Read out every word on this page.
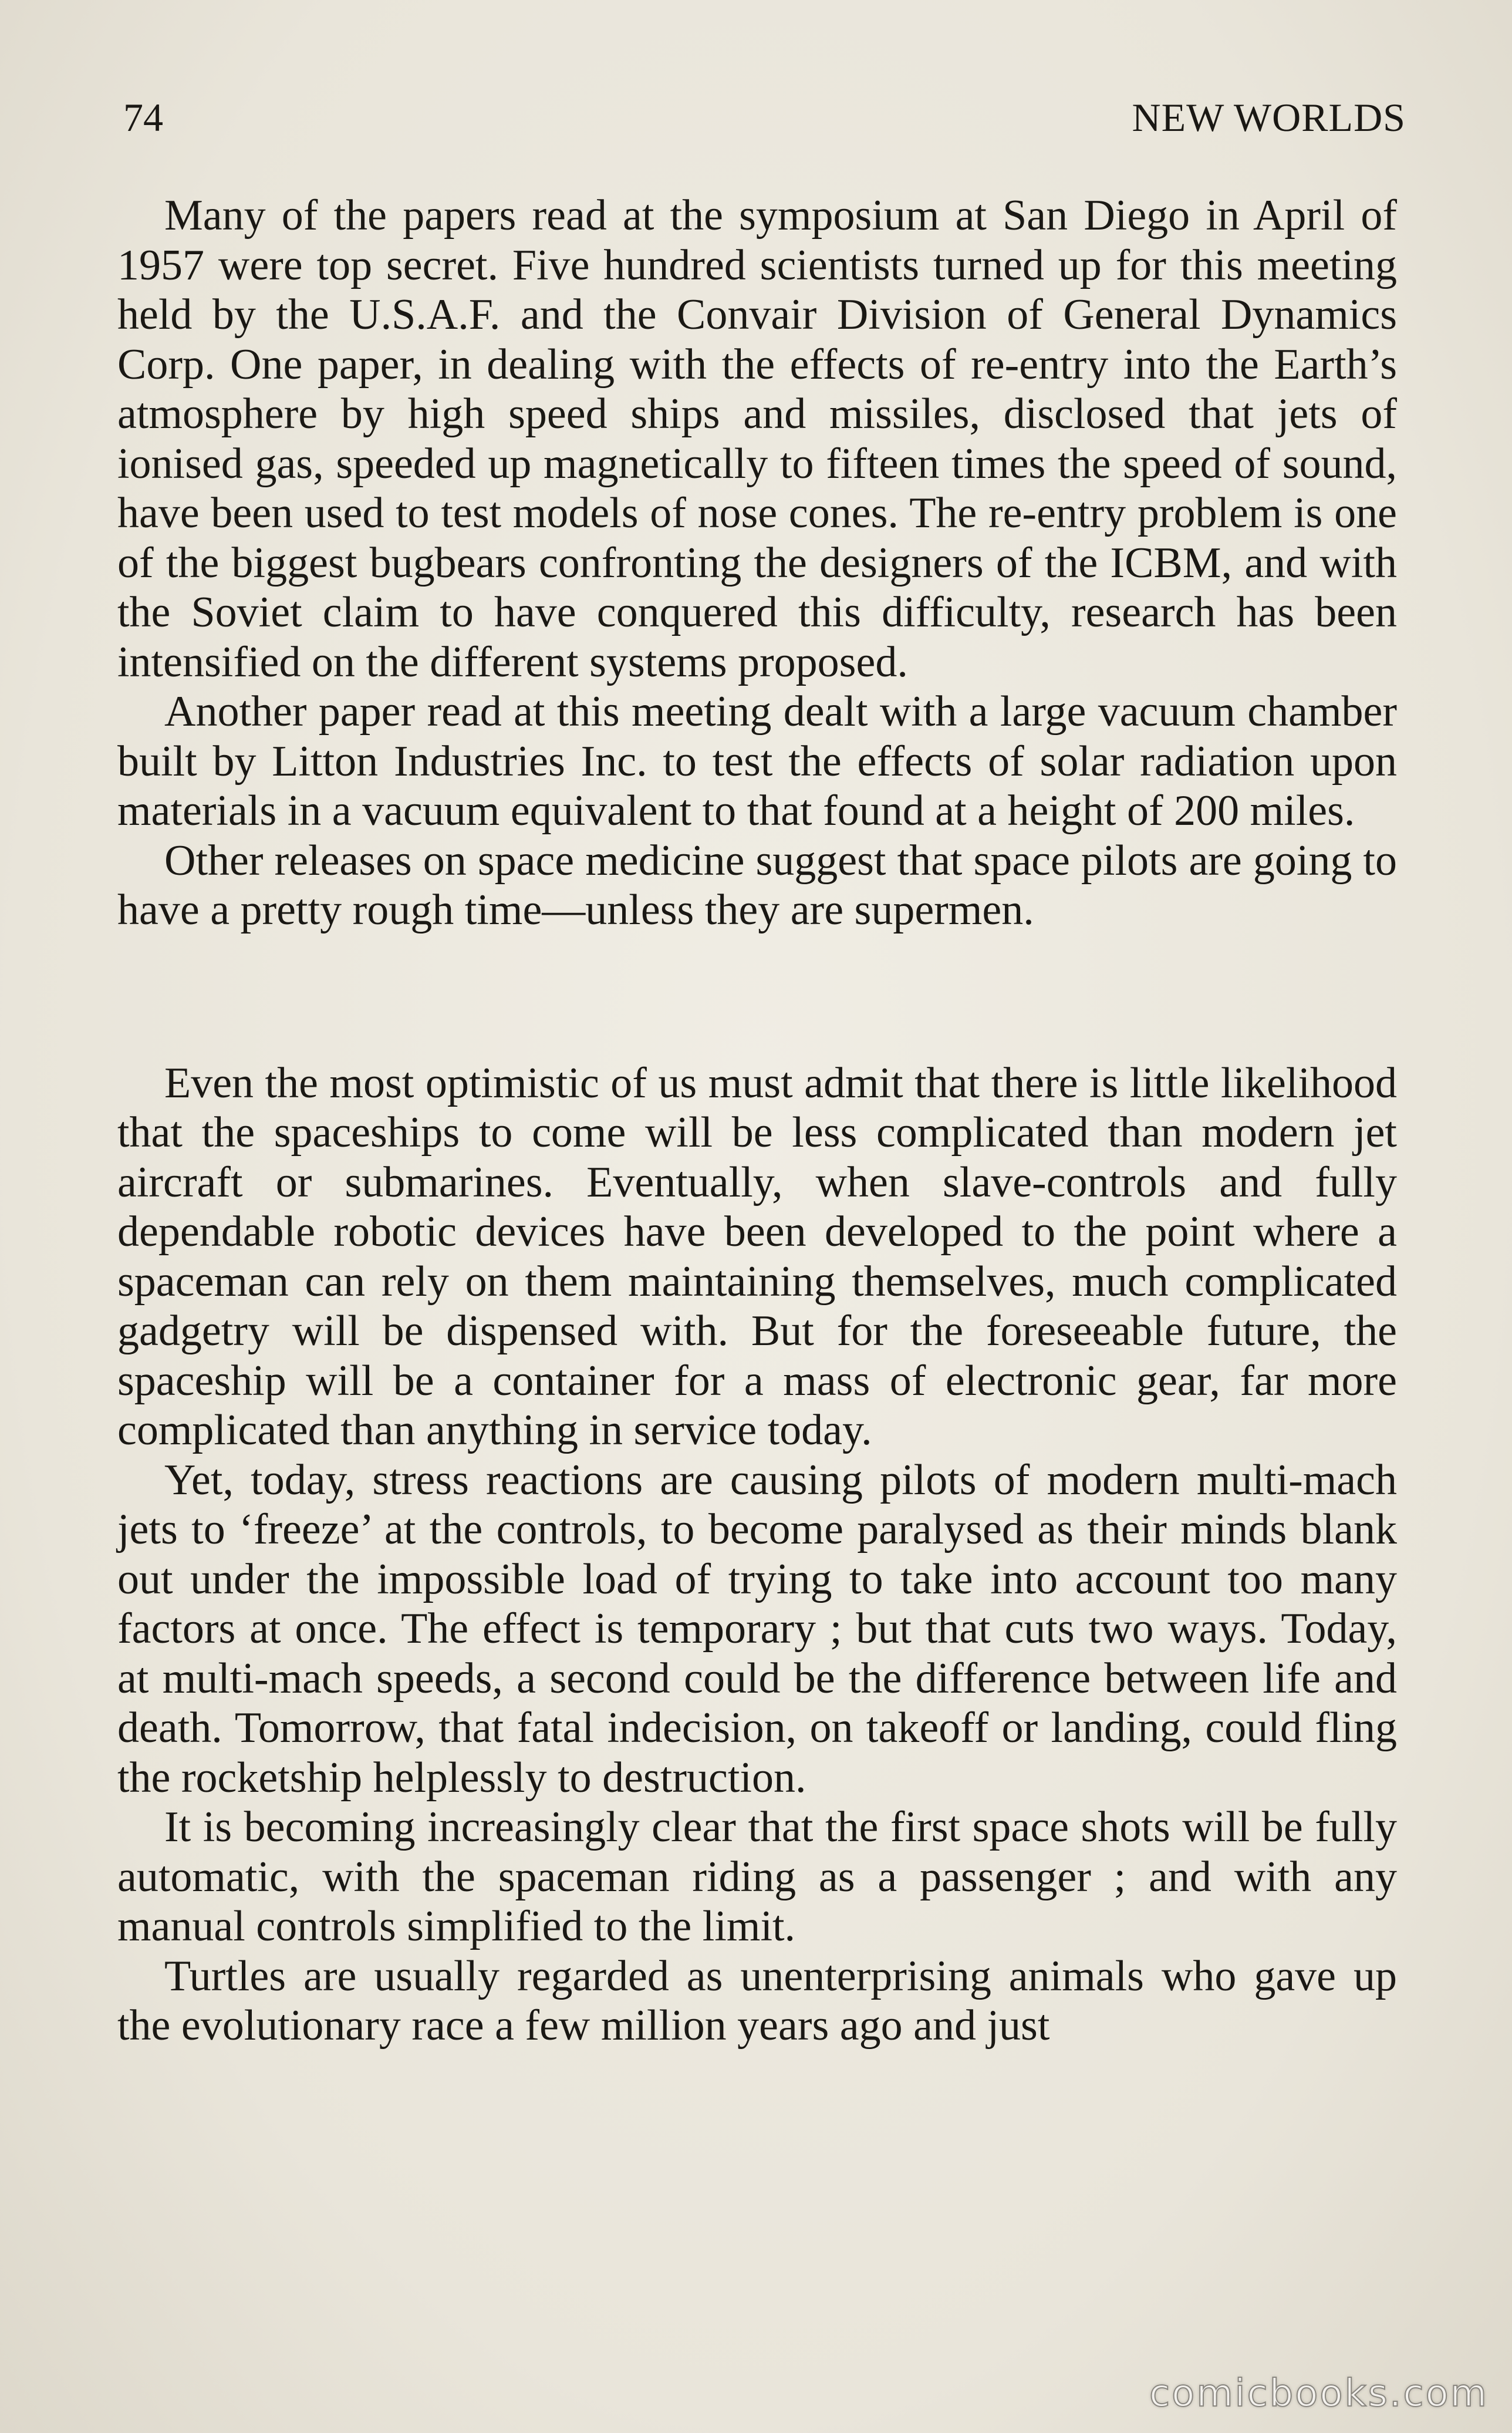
74	NEW WORLDS

Many of the papers read at the symposium at San Diego in April of 1957 were top secret. Five hundred scientists turned up for this meeting held by the U.S.A.F. and the Convair Division of General Dynamics Corp. One paper, in dealing with the effects of re-entry into the Earth’s atmosphere by high speed ships and missiles, disclosed that jets of ionised gas, speeded up magnetically to fifteen times the speed of sound, have been used to test models of nose cones. The re-entry problem is one of the biggest bugbears confronting the designers of the ICBM, and with the Soviet claim to have conquered this difficulty, research has been intensified on the different systems proposed.

Another paper read at this meeting dealt with a large vacuum chamber built by Litton Industries Inc. to test the effects of solar radiation upon materials in a vacuum equivalent to that found at a height of 200 miles.

Other releases on space medicine suggest that space pilots are going to have a pretty rough time—unless they are supermen.

Even the most optimistic of us must admit that there is little likelihood that the spaceships to come will be less complicated than modern jet aircraft or submarines. Eventually, when slave-controls and fully dependable robotic devices have been developed to the point where a spaceman can rely on them maintaining themselves, much complicated gadgetry will be dispensed with. But for the foreseeable future, the spaceship will be a container for a mass of electronic gear, far more complicated than anything in service today.

Yet, today, stress reactions are causing pilots of modern multi-mach jets to ‘freeze’ at the controls, to become paralysed as their minds blank out under the impossible load of trying to take into account too many factors at once. The effect is temporary ; but that cuts two ways. Today, at multi-mach speeds, a second could be the difference between life and death. Tomorrow, that fatal indecision, on takeoff or landing, could fling the rocketship helplessly to destruction.

It is becoming increasingly clear that the first space shots will be fully automatic, with the spaceman riding as a passenger ; and with any manual controls simplified to the limit.

Turtles are usually regarded as unenterprising animals who gave up the evolutionary race a few million years ago and just

comicbooks.com
